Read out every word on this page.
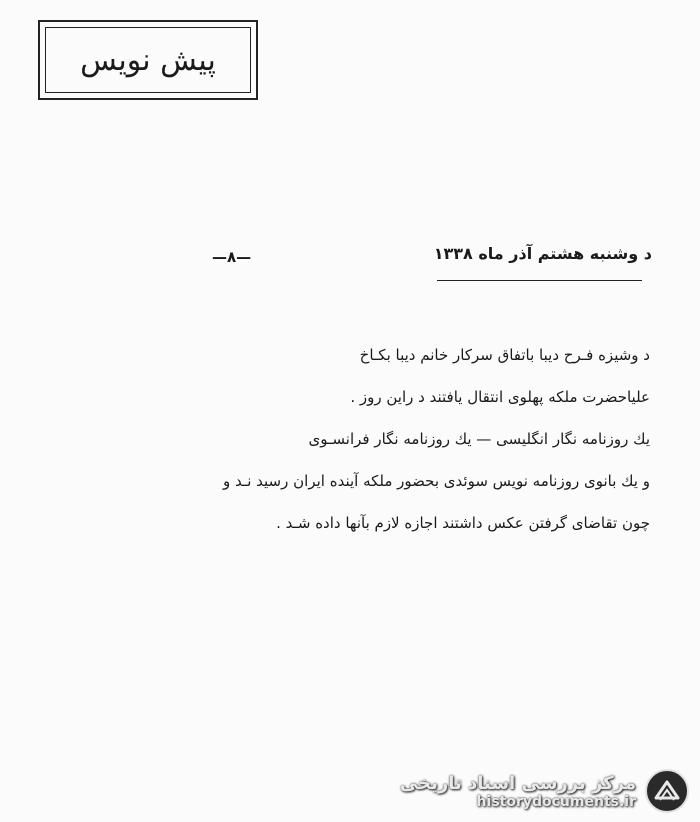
پیش نویس
—۸—	د وشنبه هشتم آذر ماه ۱۳۳۸
د وشیزه فـرح دیبا باتفاق سرکار خانم دیبا بکـاخ
علیاحضرت ملکه پهلوی انتقال یافتند د راین روز .
یك روزنامه نگار انگلیسی — یك روزنامه نگار فرانسـوی
و یك بانوی روزنامه نویس سوئدی بحضور ملکه آینده ایران رسید نـد و
چون تقاضای گرفتن عکس داشتند اجازه لازم بآنها داده شـد .
مرکز بررسی اسناد تاریخی
historydocuments.ir
